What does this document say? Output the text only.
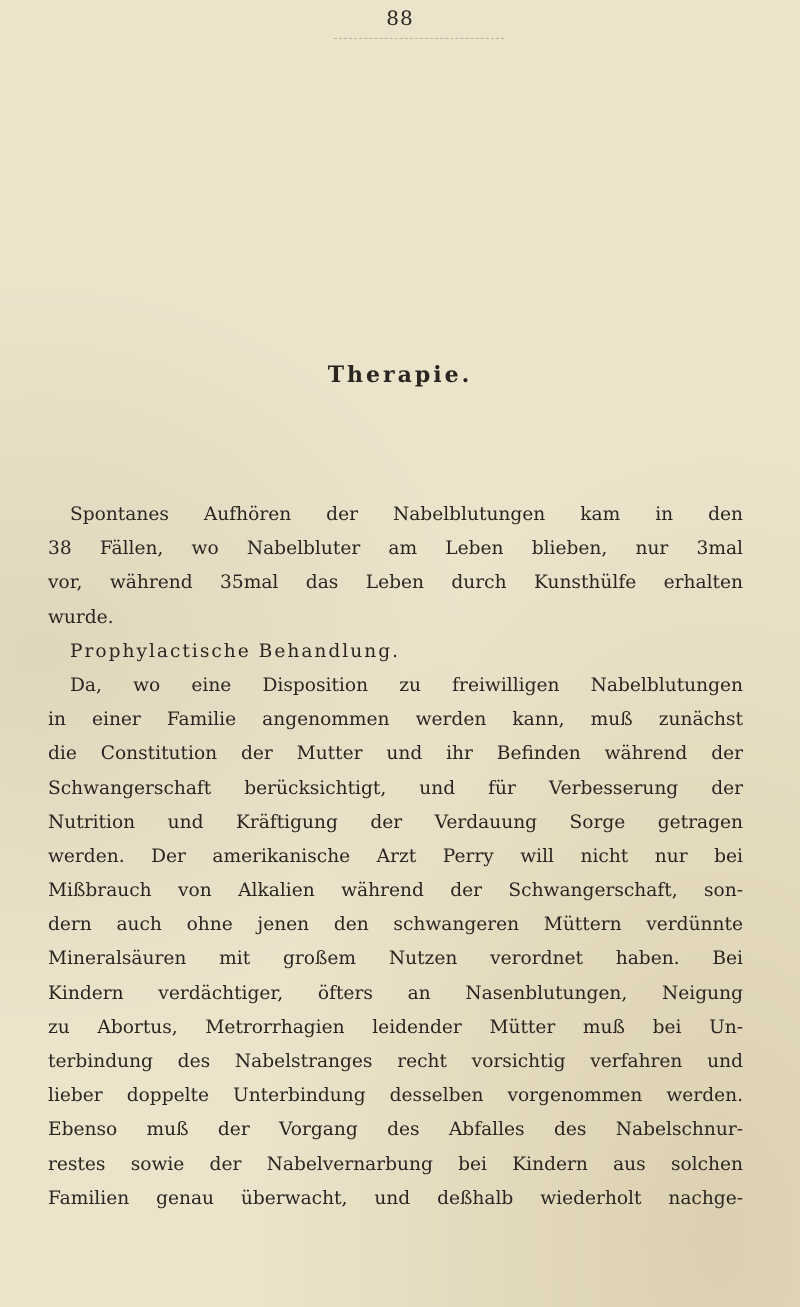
88
Therapie.
Spontanes Aufhören der Nabelblutungen kam in den
38 Fällen, wo Nabelbluter am Leben blieben, nur 3mal
vor, während 35mal das Leben durch Kunsthülfe erhalten
wurde.
Prophylactische Behandlung.
Da, wo eine Disposition zu freiwilligen Nabelblutungen
in einer Familie angenommen werden kann, muß zunächst
die Constitution der Mutter und ihr Befinden während der
Schwangerschaft berücksichtigt, und für Verbesserung der
Nutrition und Kräftigung der Verdauung Sorge getragen
werden. Der amerikanische Arzt Perry will nicht nur bei
Mißbrauch von Alkalien während der Schwangerschaft, son-
dern auch ohne jenen den schwangeren Müttern verdünnte
Mineralsäuren mit großem Nutzen verordnet haben. Bei
Kindern verdächtiger, öfters an Nasenblutungen, Neigung
zu Abortus, Metrorrhagien leidender Mütter muß bei Un-
terbindung des Nabelstranges recht vorsichtig verfahren und
lieber doppelte Unterbindung desselben vorgenommen werden.
Ebenso muß der Vorgang des Abfalles des Nabelschnur-
restes sowie der Nabelvernarbung bei Kindern aus solchen
Familien genau überwacht, und deßhalb wiederholt nachge-
